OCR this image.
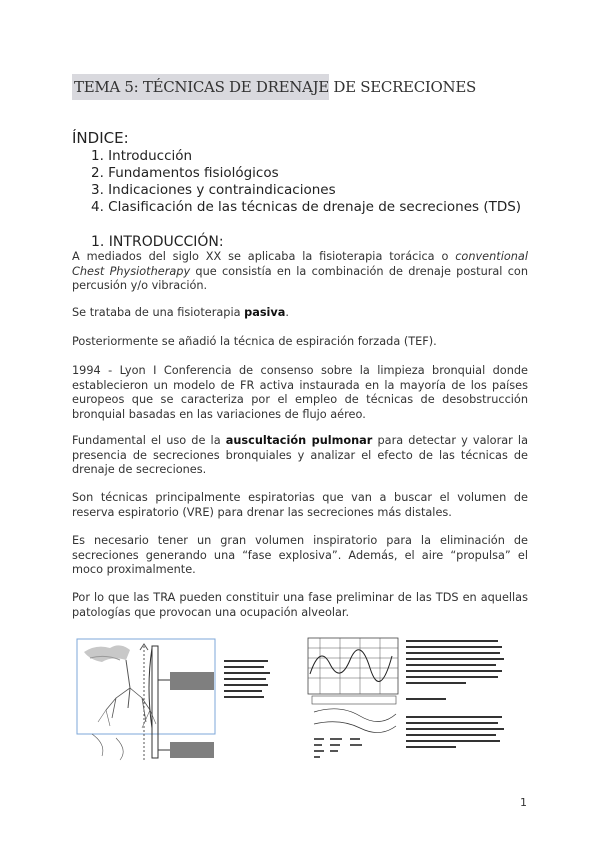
TEMA 5: TÉCNICAS DE DRENAJE DE SECRECIONES
ÍNDICE:
1. Introducción
2. Fundamentos fisiológicos
3. Indicaciones y contraindicaciones
4. Clasificación de las técnicas de drenaje de secreciones (TDS)
1. INTRODUCCIÓN:
A mediados del siglo XX se aplicaba la fisioterapia torácica o conventional Chest Physiotherapy que consistía en la combinación de drenaje postural con percusión y/o vibración.
Se trataba de una fisioterapia pasiva.
Posteriormente se añadió la técnica de espiración forzada (TEF).
1994 - Lyon I Conferencia de consenso sobre la limpieza bronquial donde establecieron un modelo de FR activa instaurada en la mayoría de los países europeos que se caracteriza por el empleo de técnicas de desobstrucción bronquial basadas en las variaciones de flujo aéreo.
Fundamental el uso de la auscultación pulmonar para detectar y valorar la presencia de secreciones bronquiales y analizar el efecto de las técnicas de drenaje de secreciones.
Son técnicas principalmente espiratorias que van a buscar el volumen de reserva espiratorio (VRE) para drenar las secreciones más distales.
Es necesario tener un gran volumen inspiratorio para la eliminación de secreciones generando una “fase explosiva”. Además, el aire “propulsa” el moco proximalmente.
Por lo que las TRA pueden constituir una fase preliminar de las TDS en aquellas patologías que provocan una ocupación alveolar.
1
